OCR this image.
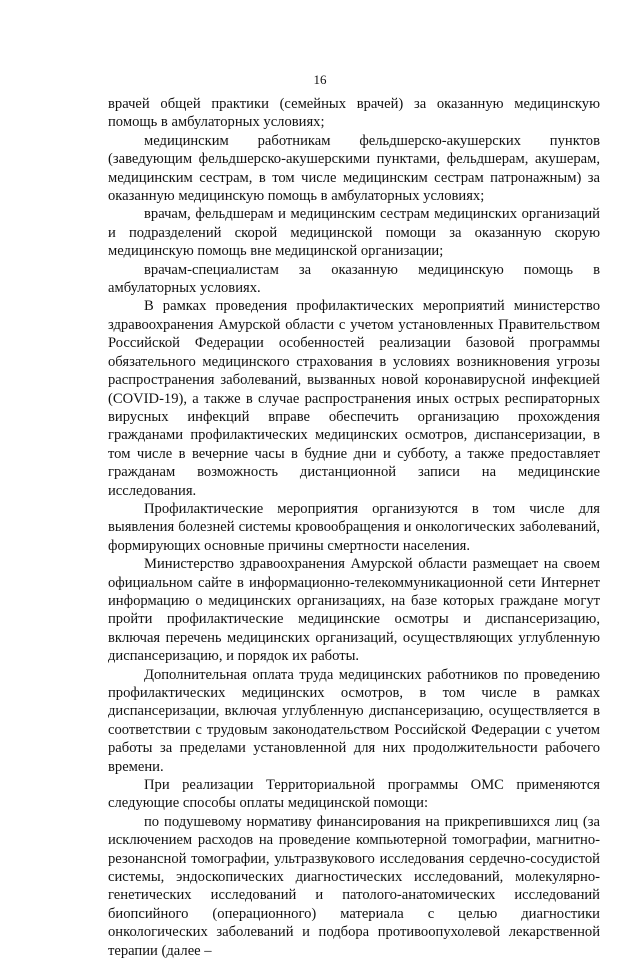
16

врачей общей практики (семейных врачей) за оказанную медицинскую помощь в амбулаторных условиях;

медицинским работникам фельдшерско-акушерских пунктов (заведующим фельдшерско-акушерскими пунктами, фельдшерам, акушерам, медицинским сестрам, в том числе медицинским сестрам патронажным) за оказанную медицинскую помощь в амбулаторных условиях;

врачам, фельдшерам и медицинским сестрам медицинских организаций и подразделений скорой медицинской помощи за оказанную скорую медицинскую помощь вне медицинской организации;

врачам-специалистам за оказанную медицинскую помощь в амбулаторных условиях.

В рамках проведения профилактических мероприятий министерство здравоохранения Амурской области с учетом установленных Правительством Российской Федерации особенностей реализации базовой программы обязательного медицинского страхования в условиях возникновения угрозы распространения заболеваний, вызванных новой коронавирусной инфекцией (COVID-19), а также в случае распространения иных острых респираторных вирусных инфекций вправе обеспечить организацию прохождения гражданами профилактических медицинских осмотров, диспансеризации, в том числе в вечерние часы в будние дни и субботу, а также предоставляет гражданам возможность дистанционной записи на медицинские исследования.

Профилактические мероприятия организуются в том числе для выявления болезней системы кровообращения и онкологических заболеваний, формирующих основные причины смертности населения.

Министерство здравоохранения Амурской области размещает на своем официальном сайте в информационно-телекоммуникационной сети Интернет информацию о медицинских организациях, на базе которых граждане могут пройти профилактические медицинские осмотры и диспансеризацию, включая перечень медицинских организаций, осуществляющих углубленную диспансеризацию, и порядок их работы.

Дополнительная оплата труда медицинских работников по проведению профилактических медицинских осмотров, в том числе в рамках диспансеризации, включая углубленную диспансеризацию, осуществляется в соответствии с трудовым законодательством Российской Федерации с учетом работы за пределами установленной для них продолжительности рабочего времени.

При реализации Территориальной программы ОМС применяются следующие способы оплаты медицинской помощи:

по подушевому нормативу финансирования на прикрепившихся лиц (за исключением расходов на проведение компьютерной томографии, магнитно-резонансной томографии, ультразвукового исследования сердечно-сосудистой системы, эндоскопических диагностических исследований, молекулярно-генетических исследований и патолого-анатомических исследований биопсийного (операционного) материала с целью диагностики онкологических заболеваний и подбора противоопухолевой лекарственной терапии (далее –
